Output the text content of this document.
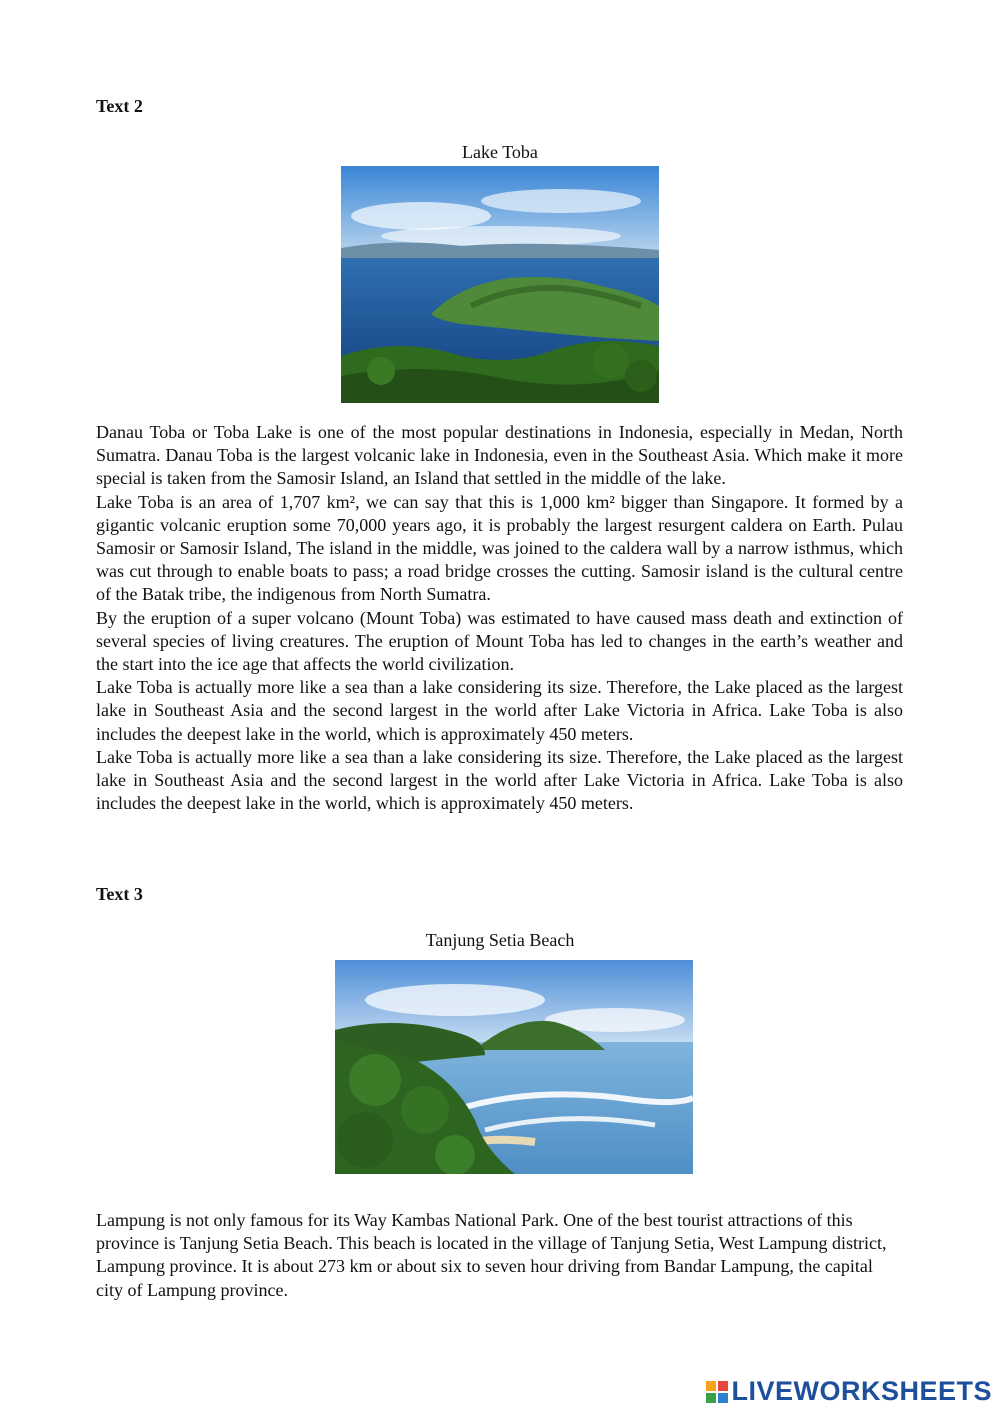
Text 2
Lake Toba

Danau Toba or Toba Lake is one of the most popular destinations in Indonesia, especially in Medan, North Sumatra. Danau Toba is the largest volcanic lake in Indonesia, even in the Southeast Asia. Which make it more special is taken from the Samosir Island, an Island that settled in the middle of the lake.

Lake Toba is an area of 1,707 km², we can say that this is 1,000 km² bigger than Singapore. It formed by a gigantic volcanic eruption some 70,000 years ago, it is probably the largest resurgent caldera on Earth. Pulau Samosir or Samosir Island, The island in the middle, was joined to the caldera wall by a narrow isthmus, which was cut through to enable boats to pass; a road bridge crosses the cutting. Samosir island is the cultural centre of the Batak tribe, the indigenous from North Sumatra.

By the eruption of a super volcano (Mount Toba) was estimated to have caused mass death and extinction of several species of living creatures. The eruption of Mount Toba has led to changes in the earth’s weather and the start into the ice age that affects the world civilization.

Lake Toba is actually more like a sea than a lake considering its size. Therefore, the Lake placed as the largest lake in Southeast Asia and the second largest in the world after Lake Victoria in Africa. Lake Toba is also includes the deepest lake in the world, which is approximately 450 meters.

Lake Toba is actually more like a sea than a lake considering its size. Therefore, the Lake placed as the largest lake in Southeast Asia and the second largest in the world after Lake Victoria in Africa. Lake Toba is also includes the deepest lake in the world, which is approximately 450 meters.

Text 3
Tanjung Setia Beach

Lampung is not only famous for its Way Kambas National Park. One of the best tourist attractions of this province is Tanjung Setia Beach. This beach is located in the village of Tanjung Setia, West Lampung district, Lampung province. It is about 273 km or about six to seven hour driving from Bandar Lampung, the capital city of Lampung province.

LIVEWORKSHEETS
